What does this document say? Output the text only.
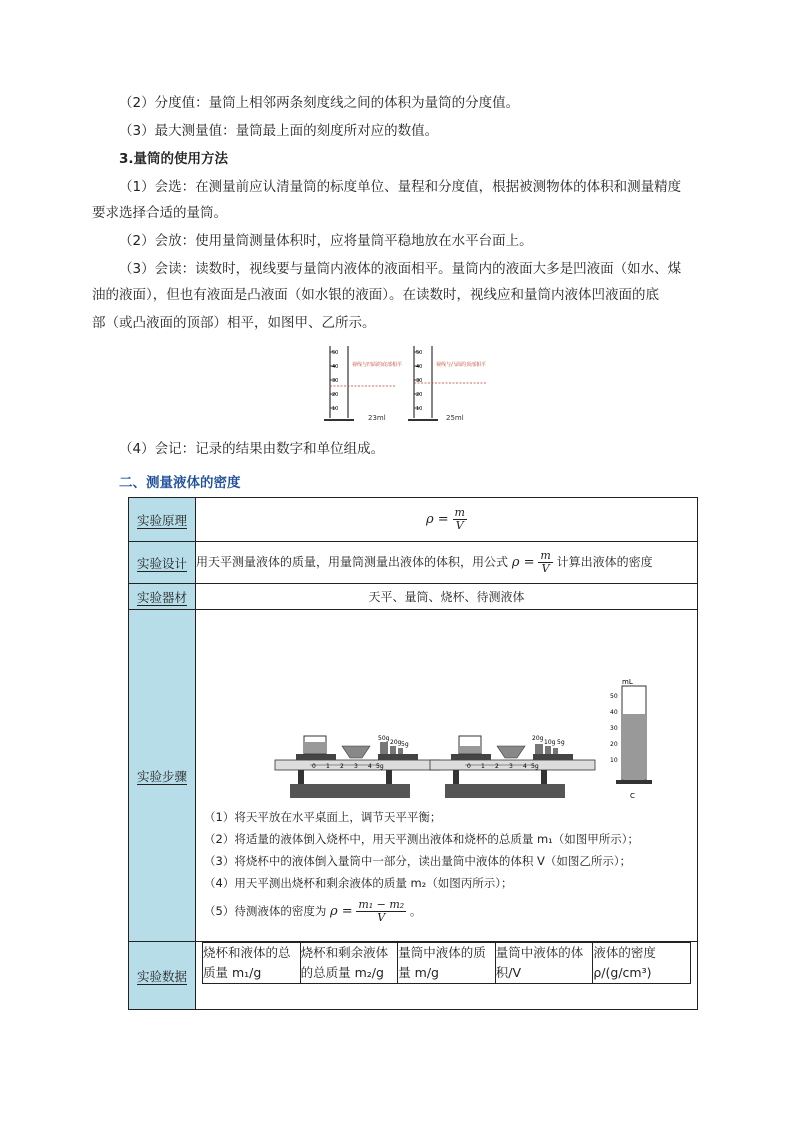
（2）分度值：量筒上相邻两条刻度线之间的体积为量筒的分度值。
（3）最大测量值：量筒最上面的刻度所对应的数值。
3.量筒的使用方法
（1）会选：在测量前应认清量筒的标度单位、量程和分度值，根据被测物体的体积和测量精度
要求选择合适的量筒。
（2）会放：使用量筒测量体积时，应将量筒平稳地放在水平台面上。
（3）会读：读数时，视线要与量筒内液体的液面相平。量筒内的液面大多是凹液面（如水、煤
油的液面），但也有液面是凸液面（如水银的液面）。在读数时，视线应和量筒内液体凹液面的底
部（或凸液面的顶部）相平，如图甲、乙所示。
50
40
30
20
10
视线与凹面的底部相平
23ml
50
40
30
20
10
视线与凸面的顶部相平
25ml
（4）会记：记录的结果由数字和单位组成。
二、测量液体的密度
实验原理	$\rho = \frac{m}{V}$

实验设计	用天平测量液体的质量，用量筒测量出液体的体积，用公式 $\rho = \frac{m}{V}$ 计算出液体的密度
实验器材	天平、量筒、烧杯、待测液体
实验步骤	
50g
20g 5g
0 1 2 3 4 5g
20g
10g 5g
0 1 2 3 4 5g
mL
50
40
30
20
10
C
（1）将天平放在水平桌面上，调节天平平衡；
（2）将适量的液体倒入烧杯中，用天平测出液体和烧杯的总质量 m₁（如图甲所示）；
（3）将烧杯中的液体倒入量筒中一部分，读出量筒中液体的体积 V（如图乙所示）；
（4）用天平测出烧杯和剩余液体的质量 m₂（如图丙所示）；
（5）待测液体的密度为 $\rho = \frac{\text{m₁ − m₂}}{V}$ 。

实验数据	
烧杯和液体的总质量 m₁/g	烧杯和剩余液体的总质量 m₂/g	量筒中液体的质量 m/g	量筒中液体的体积/V	液体的密度 ρ/(g/cm³)
